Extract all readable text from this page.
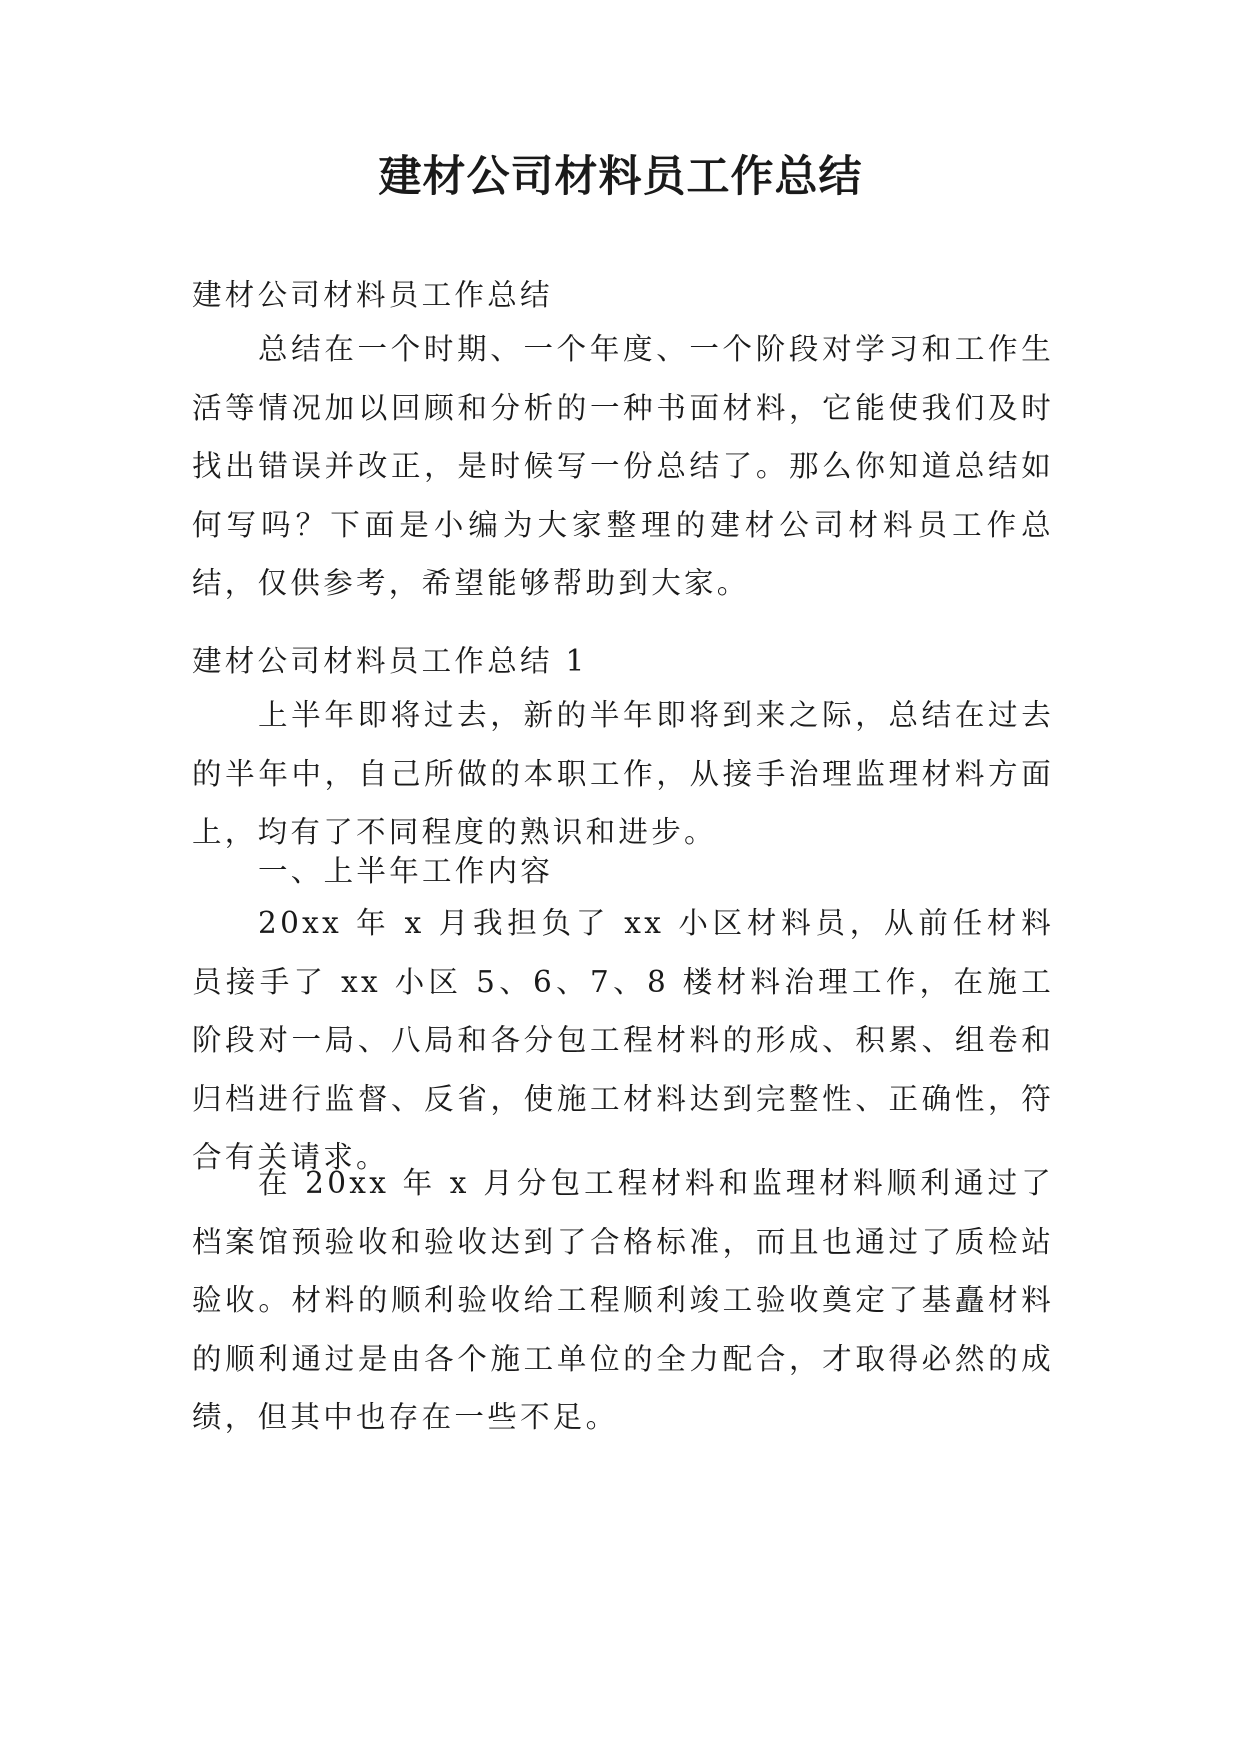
建材公司材料员工作总结

建材公司材料员工作总结

总结在一个时期、一个年度、一个阶段对学习和工作生活等情况加以回顾和分析的一种书面材料，它能使我们及时找出错误并改正，是时候写一份总结了。那么你知道总结如何写吗？下面是小编为大家整理的建材公司材料员工作总结，仅供参考，希望能够帮助到大家。

建材公司材料员工作总结 1

上半年即将过去，新的半年即将到来之际，总结在过去的半年中，自己所做的本职工作，从接手治理监理材料方面上，均有了不同程度的熟识和进步。

一、上半年工作内容

20xx 年 x 月我担负了 xx 小区材料员，从前任材料员接手了 xx 小区 5、6、7、8 楼材料治理工作，在施工阶段对一局、八局和各分包工程材料的形成、积累、组卷和归档进行监督、反省，使施工材料达到完整性、正确性，符合有关请求。

在 20xx 年 x 月分包工程材料和监理材料顺利通过了档案馆预验收和验收达到了合格标准，而且也通过了质检站验收。材料的顺利验收给工程顺利竣工验收奠定了基矗材料的顺利通过是由各个施工单位的全力配合，才取得必然的成绩，但其中也存在一些不足。
